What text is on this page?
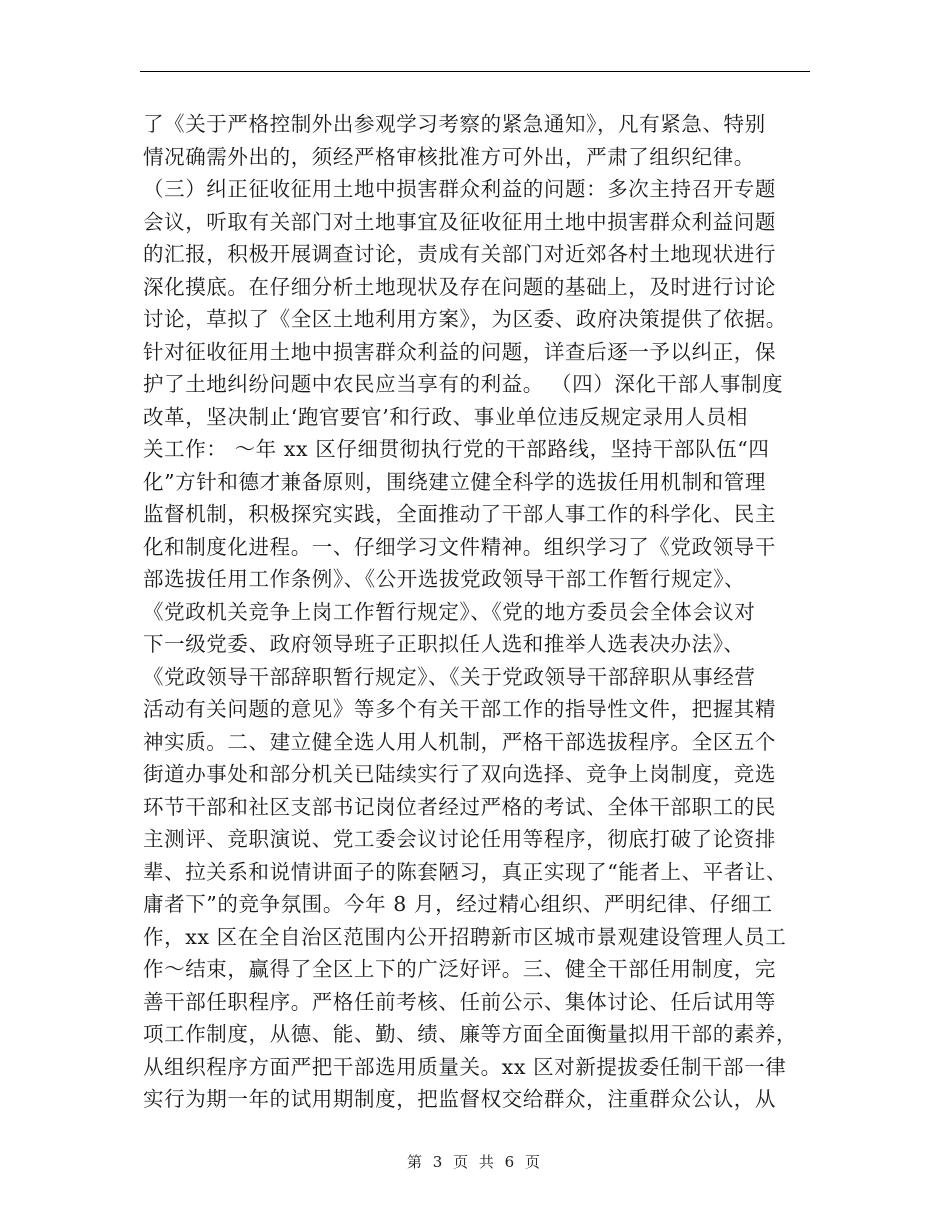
了《关于严格控制外出参观学习考察的紧急通知》，凡有紧急、特别
情况确需外出的，须经严格审核批准方可外出，严肃了组织纪律。
（三）纠正征收征用土地中损害群众利益的问题：多次主持召开专题
会议，听取有关部门对土地事宜及征收征用土地中损害群众利益问题
的汇报，积极开展调查讨论，责成有关部门对近郊各村土地现状进行
深化摸底。在仔细分析土地现状及存在问题的基础上，及时进行讨论
讨论，草拟了《全区土地利用方案》，为区委、政府决策提供了依据。
针对征收征用土地中损害群众利益的问题，详查后逐一予以纠正，保
护了土地纠纷问题中农民应当享有的利益。 （四）深化干部人事制度
改革，坚决制止‘跑官要官’和行政、事业单位违反规定录用人员相
关工作： ～年 xx 区仔细贯彻执行党的干部路线，坚持干部队伍“四
化”方针和德才兼备原则，围绕建立健全科学的选拔任用机制和管理
监督机制，积极探究实践，全面推动了干部人事工作的科学化、民主
化和制度化进程。一、仔细学习文件精神。组织学习了《党政领导干
部选拔任用工作条例》、《公开选拔党政领导干部工作暂行规定》、
《党政机关竞争上岗工作暂行规定》、《党的地方委员会全体会议对
下一级党委、政府领导班子正职拟任人选和推举人选表决办法》、
《党政领导干部辞职暂行规定》、《关于党政领导干部辞职从事经营
活动有关问题的意见》等多个有关干部工作的指导性文件，把握其精
神实质。二、建立健全选人用人机制，严格干部选拔程序。全区五个
街道办事处和部分机关已陆续实行了双向选择、竞争上岗制度，竞选
环节干部和社区支部书记岗位者经过严格的考试、全体干部职工的民
主测评、竞职演说、党工委会议讨论任用等程序，彻底打破了论资排
辈、拉关系和说情讲面子的陈套陋习，真正实现了“能者上、平者让、
庸者下”的竞争氛围。今年 8 月，经过精心组织、严明纪律、仔细工
作，xx 区在全自治区范围内公开招聘新市区城市景观建设管理人员工
作～结束，赢得了全区上下的广泛好评。三、健全干部任用制度，完
善干部任职程序。严格任前考核、任前公示、集体讨论、任后试用等
项工作制度，从德、能、勤、绩、廉等方面全面衡量拟用干部的素养，
从组织程序方面严把干部选用质量关。xx 区对新提拔委任制干部一律
实行为期一年的试用期制度，把监督权交给群众，注重群众公认，从
第 3 页 共 6 页
